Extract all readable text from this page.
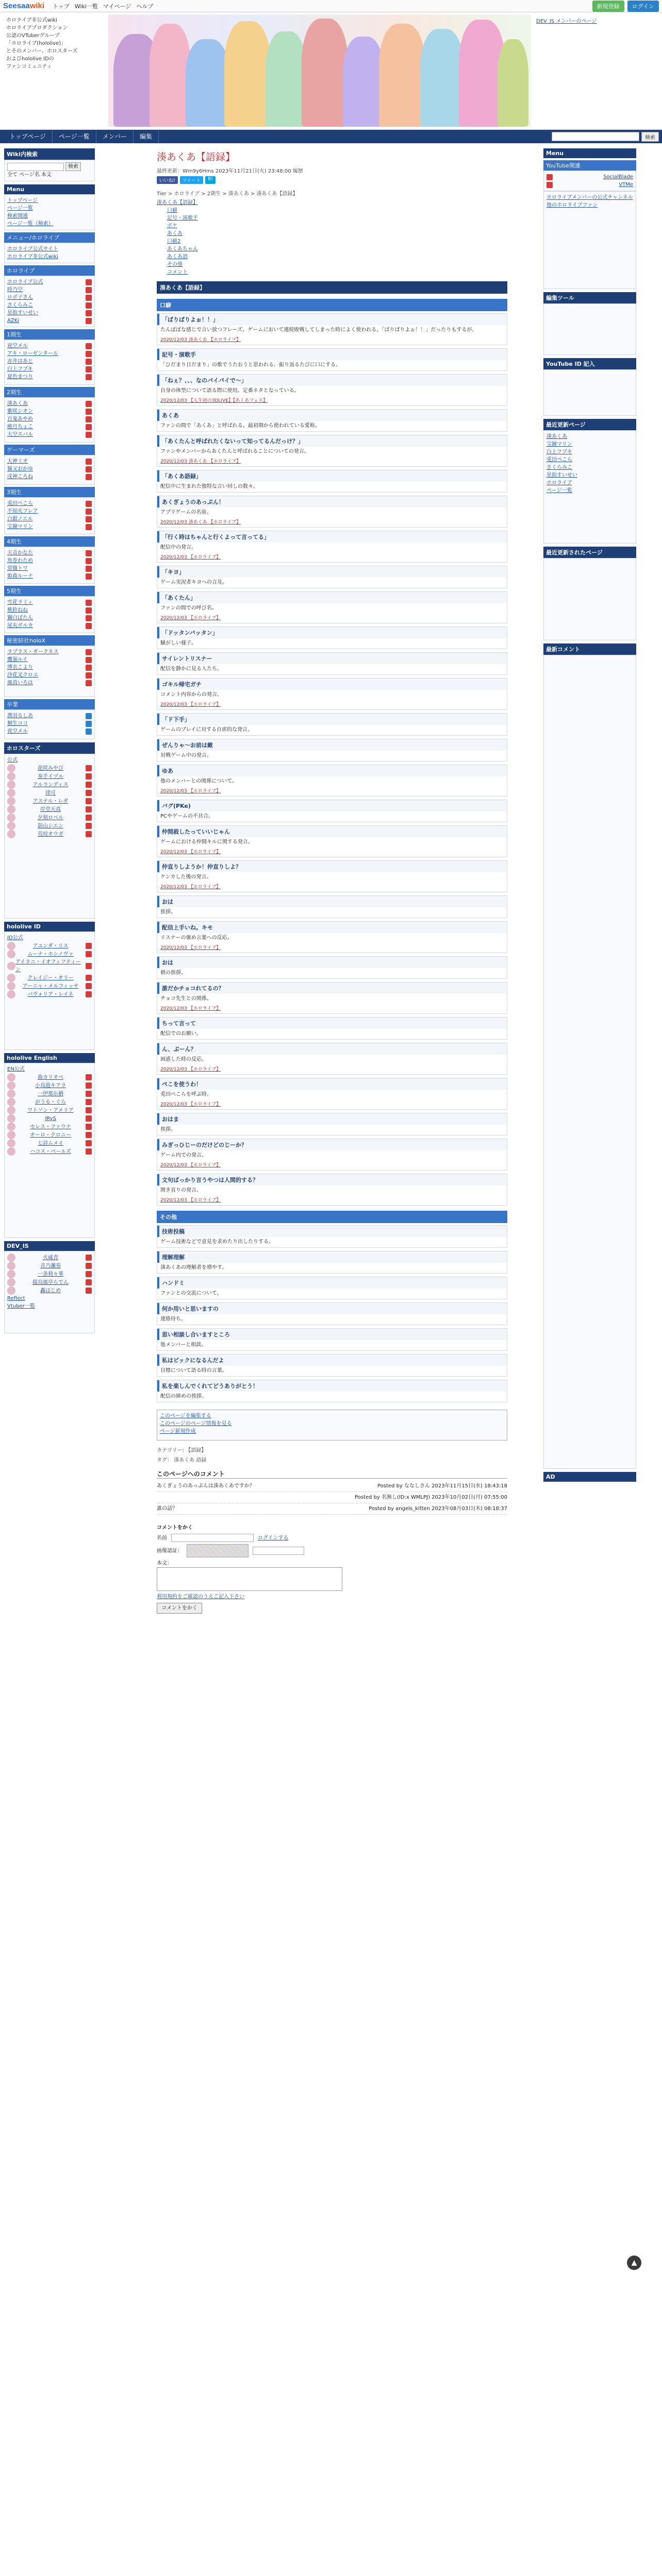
Seesaawiki トップ Wiki一覧 マイページ ヘルプ	新規登録	ログイン
ホロライブ非公式wiki
ホロライブプロダクション
公認のVTuberグループ
「ホロライブ(hololive)」
とそのメンバー、ホロスターズ
およびhololive IDの
ファンコミュニティ
DEV_IS メンバーのページ
トップページ	ページ一覧	メンバー	編集	検索
Wiki内検索
検索
全て ページ名 本文
Menu
トップページ
ページ一覧
検索関連
ページ一覧（検索）
メニュー/ホロライブ
ホロライブ公式サイト
ホロライブ非公式wiki
ホロライブ
ホロライブ公式
時乃空
ロボ子さん
さくらみこ
星街すいせい
AZKi
1期生
夜空メル
アキ・ローゼンタール
赤井はあと
白上フブキ
夏色まつり
2期生
湊あくあ
紫咲シオン
百鬼あやめ
癒月ちょこ
大空スバル
ゲーマーズ
大神ミオ
猫又おかゆ
戌神ころね
3期生
兎田ぺこら
不知火フレア
白銀ノエル
宝鐘マリン
4期生
天音かなた
角巻わため
常闇トワ
姫森ルーナ
5期生
雪花ラミィ
桃鈴ねね
獅白ぼたん
尾丸ポルカ
秘密結社holoX
ラプラス・ダークネス
鷹嶺ルイ
博衣こより
沙花叉クロヱ
風真いろは
卒業
潤羽るしあ
桐生ココ
夜空メル
ホロスターズ
公式
花咲みやび
奏手イヅル
アルランディス
律可
アステル・レダ
岸堂天真
夕刻ロベル
影山シエン
荒咬オウガ
hololive ID
ID公式
アユンダ・リス
ムーナ・ホシノヴァ
アイラニ・イオフィフティーン
クレイジー・オリー
アーニャ・メルフィッサ
パヴォリア・レイネ
hololive English
EN公式
森カリオペ
小鳥遊キアラ
一伊那尓栖
がうる・ぐら
ワトソン・アメリア
IRyS
セレス・ファウナ
オーロ・クロニー
七詩ムメイ
ハコス・ベールズ
DEV_IS
火威青
音乃瀬奏
一条莉々華
儒烏風亭らでん
轟はじめ
Reflect
Vtuber一覧
湊あくあ【語録】
最終更新：Wm9y6Hms 2023年11月21日(火) 23:48:00 履歴
いいね!	ツイート	B!
Tier > ホロライブ > 2期生 > 湊あくあ > 湊あくあ【語録】
湊あくあ【語録】
口癖
記号・演歌手
ボケ
あくあ
口癖2
あくあちゃん
あくあ語
その他
コメント
湊あくあ【語録】
口癖
「ばりばりよぉ！！」

たんぽぽな感じで言い放つフレーズ。ゲームにおいて連続敗戦してしまった時によく使われる。「ばりばりよぉ！！」だったりもするが、

2020/12/03 湊あくあ 【ホロライブ】
記号・演歌手

「ひだまり日だまり」の歌でうたおうと思われる、振り返るたびに口にする。

「ねぇ？、、、なのパイパイで〜」

自身の体型について語る際に使用。定番ネタとなっている。

2020/12/03 【人生初の3DLIVE】【あくあフェス】
あくあ

ファンの間で「あくあ」と呼ばれる。最初期から使われている愛称。

「あくたんと呼ばれたくないって知ってるんだっけ？」

ファンやメンバーからあくたんと呼ばれることについての発言。

2020/12/03 湊あくあ 【ホロライブ】
「あくあ語録」

配信中に生まれた独特な言い回しの数々。

あくぎょうのあっぷん！

アプリゲームの名前。

2020/12/03 湊あくあ 【ホロライブ】
「行く時はちゃんと行くよって言ってる」

配信中の発言。

2020/12/03 【ホロライブ】
「キヨ」

ゲーム実況者キヨへの言及。

「あくたん」

ファンの間での呼び名。

2020/12/03 【ホロライブ】
「ドッタンバッタン」

騒がしい様子。

サイレントリスナー

配信を静かに見る人たち。

ゴキル帰宅ガチ

コメント内容からの発言。

2020/12/03 【ホロライブ】
「ド下手」

ゲームのプレイに対する自虐的な発言。

ぜんりゃ～お前は敵

対戦ゲーム中の発言。

ゆあ

他のメンバーとの関係について。

2020/12/03 【ホロライブ】
バグ(PKe)

PCやゲームの不具合。

仲間殺したっていいじゃん

ゲームにおける仲間キルに関する発言。

2020/12/03 【ホロライブ】
仲直りしようか！仲直りしよ？

ケンカした後の発言。

2020/12/03 【ホロライブ】
おは

挨拶。

配信上手いね。キモ

リスナーの褒め言葉への反応。

2020/12/03 【ホロライブ】
おは

朝の挨拶。

誰だかチョコれてるの？

チョコ先生との関係。

2020/12/03 【ホロライブ】
ちって言って

配信でのお願い。

ん、ぶーん？

困惑した時の反応。

2020/12/03 【ホロライブ】
ぺこを使うわ！

兎田ぺこらを呼ぶ時。

2020/12/03 【ホロライブ】
おはま

挨拶。

みぎっひじーのだけどのじーか？

ゲーム内での発言。

2020/12/03 【ホロライブ】
文句ばっかり言うやつは人間的する？

開き直りの発言。

2020/12/03 【ホロライブ】
その他
技術投稿

ゲーム技術などで意見を求めたり出したりする。

理解理解

湊あくあの理解者を増やす。

ハンドミ

ファンとの交流について。

何か用いと思いますの

連絡待ち。

思い相談し合いますところ

他メンバーと相談。

私はビックになるんだよ

目標について語る時の言葉。

私を楽しんでくれてどうありがとう！

配信の締めの挨拶。

このページを編集する
このページのページ情報を見る
ページ新規作成
カテゴリー: 【語録】
タグ： 湊あくあ 語録
このページへのコメント
あくぎょうのあっぷんは湊あくあですか？	Posted by ななしさん 2023年11月15日(水) 18:43:18
Posted by 名無し(ID:x WMLPJ) 2023年10月02日(月) 07:55:00
誰の話？	Posted by angels_kitten 2023年08月03日(木) 08:18:37
コメントをかく
名前	ログインする
画像認証：
本文：
利用規約をご確認のうえご記入下さい
コメントをかく
Menu
YouTube関連
SocialBlade
VTMe
ホロライブメンバーの公式チャンネル
他のホロライブファン
編集ツール
YouTube ID 記入
最近更新ページ
湊あくあ
宝鐘マリン
白上フブキ
兎田ぺこら
さくらみこ
星街すいせい
ホロライブ
ページ一覧
最近更新されたページ
最新コメント
AD
▲
